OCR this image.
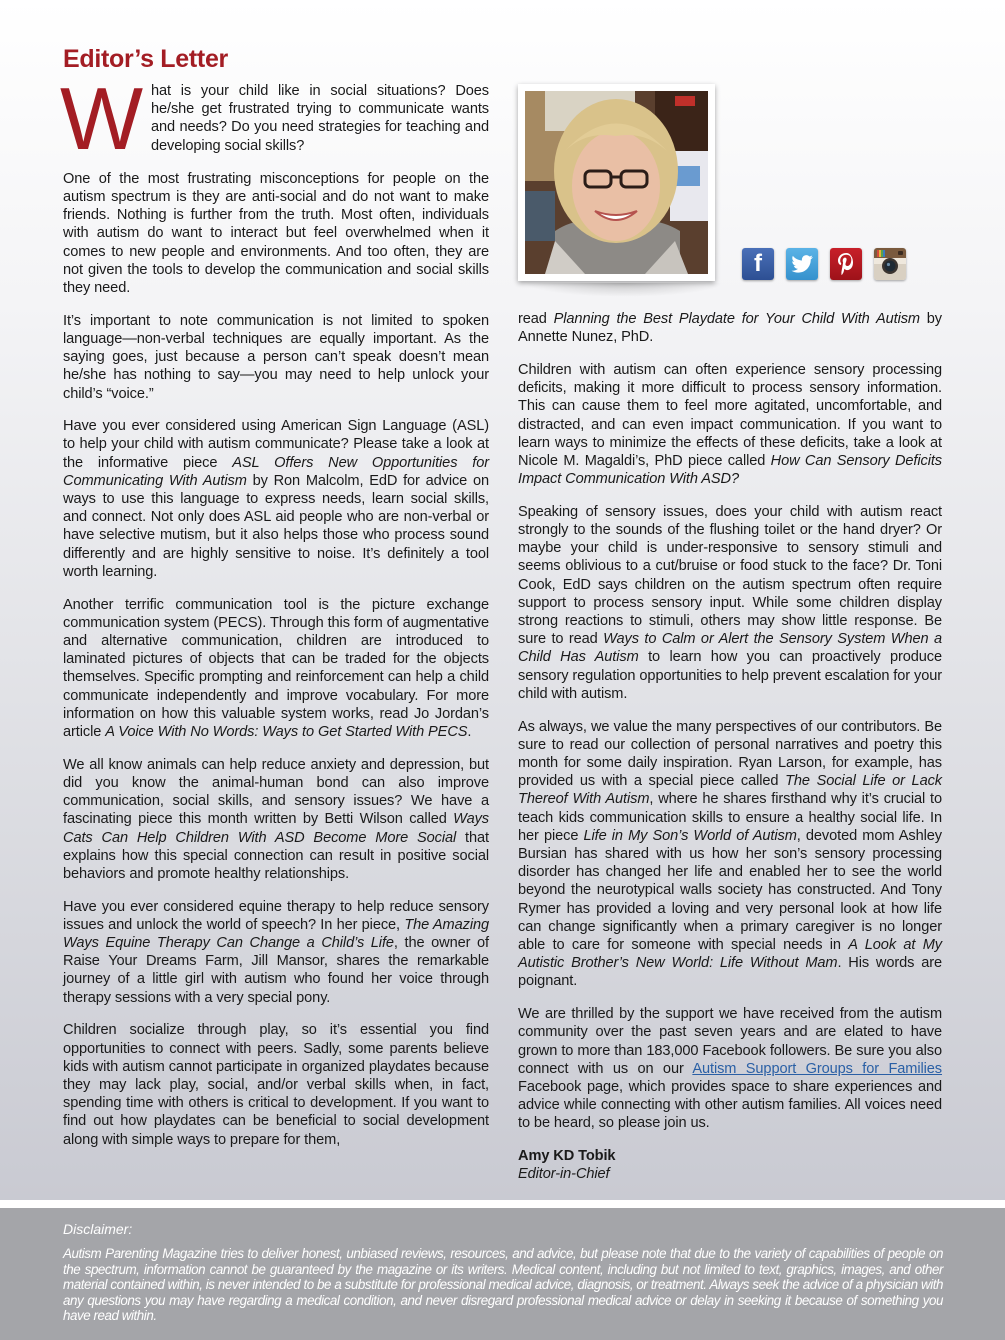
Editor’s Letter

What is your child like in social situations? Does he/she get frustrated trying to communicate wants and needs? Do you need strategies for teaching and developing social skills?

One of the most frustrating misconceptions for people on the autism spectrum is they are anti-social and do not want to make friends. Nothing is further from the truth. Most often, individuals with autism do want to interact but feel overwhelmed when it comes to new people and environments. And too often, they are not given the tools to develop the communication and social skills they need.

It’s important to note communication is not limited to spoken language—non-verbal techniques are equally important. As the saying goes, just because a person can’t speak doesn’t mean he/she has nothing to say—you may need to help unlock your child’s “voice.”

Have you ever considered using American Sign Language (ASL) to help your child with autism communicate? Please take a look at the informative piece ASL Offers New Opportunities for Communicating With Autism by Ron Malcolm, EdD for advice on ways to use this language to express needs, learn social skills, and connect. Not only does ASL aid people who are non-verbal or have selective mutism, but it also helps those who process sound differently and are highly sensitive to noise. It’s definitely a tool worth learning.

Another terrific communication tool is the picture exchange communication system (PECS). Through this form of augmentative and alternative communication, children are introduced to laminated pictures of objects that can be traded for the objects themselves. Specific prompting and reinforcement can help a child communicate independently and improve vocabulary. For more information on how this valuable system works, read Jo Jordan’s article A Voice With No Words: Ways to Get Started With PECS.

We all know animals can help reduce anxiety and depression, but did you know the animal-human bond can also improve communication, social skills, and sensory issues? We have a fascinating piece this month written by Betti Wilson called Ways Cats Can Help Children With ASD Become More Social that explains how this special connection can result in positive social behaviors and promote healthy relationships.

Have you ever considered equine therapy to help reduce sensory issues and unlock the world of speech? In her piece, The Amazing Ways Equine Therapy Can Change a Child’s Life, the owner of Raise Your Dreams Farm, Jill Mansor, shares the remarkable journey of a little girl with autism who found her voice through therapy sessions with a very special pony.

Children socialize through play, so it’s essential you find opportunities to connect with peers. Sadly, some parents believe kids with autism cannot participate in organized playdates because they may lack play, social, and/or verbal skills when, in fact, spending time with others is critical to development. If you want to find out how playdates can be beneficial to social development along with simple ways to prepare for them,

f

read Planning the Best Playdate for Your Child With Autism by Annette Nunez, PhD.

Children with autism can often experience sensory processing deficits, making it more difficult to process sensory information. This can cause them to feel more agitated, uncomfortable, and distracted, and can even impact communication. If you want to learn ways to minimize the effects of these deficits, take a look at Nicole M. Magaldi’s, PhD piece called How Can Sensory Deficits Impact Communication With ASD?

Speaking of sensory issues, does your child with autism react strongly to the sounds of the flushing toilet or the hand dryer? Or maybe your child is under-responsive to sensory stimuli and seems oblivious to a cut/bruise or food stuck to the face? Dr. Toni Cook, EdD says children on the autism spectrum often require support to process sensory input. While some children display strong reactions to stimuli, others may show little response. Be sure to read Ways to Calm or Alert the Sensory System When a Child Has Autism to learn how you can proactively produce sensory regulation opportunities to help prevent escalation for your child with autism.

As always, we value the many perspectives of our contributors. Be sure to read our collection of personal narratives and poetry this month for some daily inspiration. Ryan Larson, for example, has provided us with a special piece called The Social Life or Lack Thereof With Autism, where he shares firsthand why it’s crucial to teach kids communication skills to ensure a healthy social life. In her piece Life in My Son’s World of Autism, devoted mom Ashley Bursian has shared with us how her son’s sensory processing disorder has changed her life and enabled her to see the world beyond the neurotypical walls society has constructed. And Tony Rymer has provided a loving and very personal look at how life can change significantly when a primary caregiver is no longer able to care for someone with special needs in A Look at My Autistic Brother’s New World: Life Without Mam. His words are poignant.

We are thrilled by the support we have received from the autism community over the past seven years and are elated to have grown to more than 183,000 Facebook followers. Be sure you also connect with us on our Autism Support Groups for Families Facebook page, which provides space to share experiences and advice while connecting with other autism families. All voices need to be heard, so please join us.

Amy KD Tobik
Editor-in-Chief

Disclaimer:
Autism Parenting Magazine tries to deliver honest, unbiased reviews, resources, and advice, but please note that due to the variety of capabilities of people on the spectrum, information cannot be guaranteed by the magazine or its writers. Medical content, including but not limited to text, graphics, images, and other material contained within, is never intended to be a substitute for professional medical advice, diagnosis, or treatment. Always seek the advice of a physician with any questions you may have regarding a medical condition, and never disregard professional medical advice or delay in seeking it because of something you have read within.
